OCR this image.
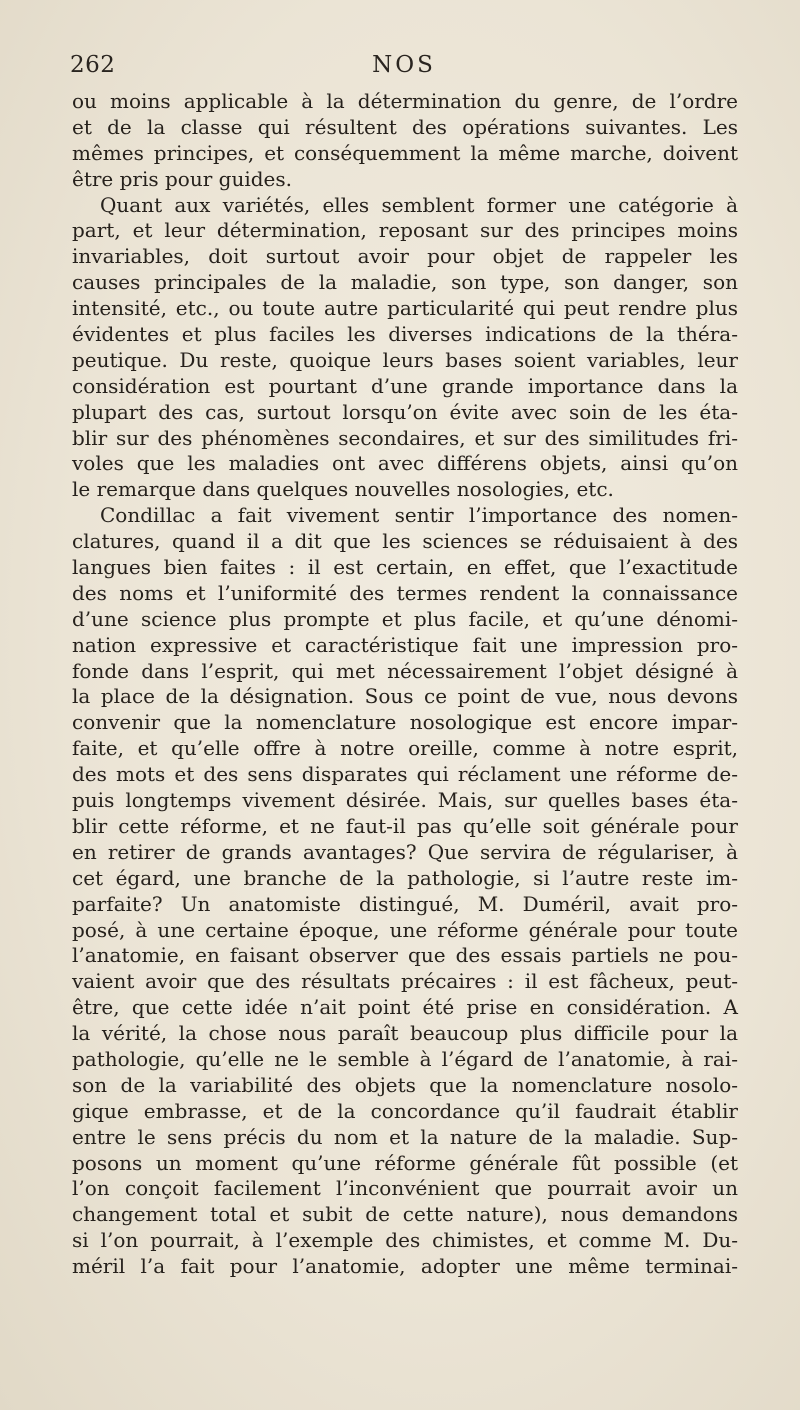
262	NOS
ou moins applicable à la détermination du genre, de l’ordre
et de la classe qui résultent des opérations suivantes. Les
mêmes principes, et conséquemment la même marche, doivent
être pris pour guides.
Quant aux variétés, elles semblent former une catégorie à
part, et leur détermination, reposant sur des principes moins
invariables, doit surtout avoir pour objet de rappeler les
causes principales de la maladie, son type, son danger, son
intensité, etc., ou toute autre particularité qui peut rendre plus
évidentes et plus faciles les diverses indications de la théra-
peutique. Du reste, quoique leurs bases soient variables, leur
considération est pourtant d’une grande importance dans la
plupart des cas, surtout lorsqu’on évite avec soin de les éta-
blir sur des phénomènes secondaires, et sur des similitudes fri-
voles que les maladies ont avec différens objets, ainsi qu’on
le remarque dans quelques nouvelles nosologies, etc.
Condillac a fait vivement sentir l’importance des nomen-
clatures, quand il a dit que les sciences se réduisaient à des
langues bien faites : il est certain, en effet, que l’exactitude
des noms et l’uniformité des termes rendent la connaissance
d’une science plus prompte et plus facile, et qu’une dénomi-
nation expressive et caractéristique fait une impression pro-
fonde dans l’esprit, qui met nécessairement l’objet désigné à
la place de la désignation. Sous ce point de vue, nous devons
convenir que la nomenclature nosologique est encore impar-
faite, et qu’elle offre à notre oreille, comme à notre esprit,
des mots et des sens disparates qui réclament une réforme de-
puis longtemps vivement désirée. Mais, sur quelles bases éta-
blir cette réforme, et ne faut-il pas qu’elle soit générale pour
en retirer de grands avantages? Que servira de régulariser, à
cet égard, une branche de la pathologie, si l’autre reste im-
parfaite? Un anatomiste distingué, M. Duméril, avait pro-
posé, à une certaine époque, une réforme générale pour toute
l’anatomie, en faisant observer que des essais partiels ne pou-
vaient avoir que des résultats précaires : il est fâcheux, peut-
être, que cette idée n’ait point été prise en considération. A
la vérité, la chose nous paraît beaucoup plus difficile pour la
pathologie, qu’elle ne le semble à l’égard de l’anatomie, à rai-
son de la variabilité des objets que la nomenclature nosolo-
gique embrasse, et de la concordance qu’il faudrait établir
entre le sens précis du nom et la nature de la maladie. Sup-
posons un moment qu’une réforme générale fût possible (et
l’on conçoit facilement l’inconvénient que pourrait avoir un
changement total et subit de cette nature), nous demandons
si l’on pourrait, à l’exemple des chimistes, et comme M. Du-
méril l’a fait pour l’anatomie, adopter une même terminai-
